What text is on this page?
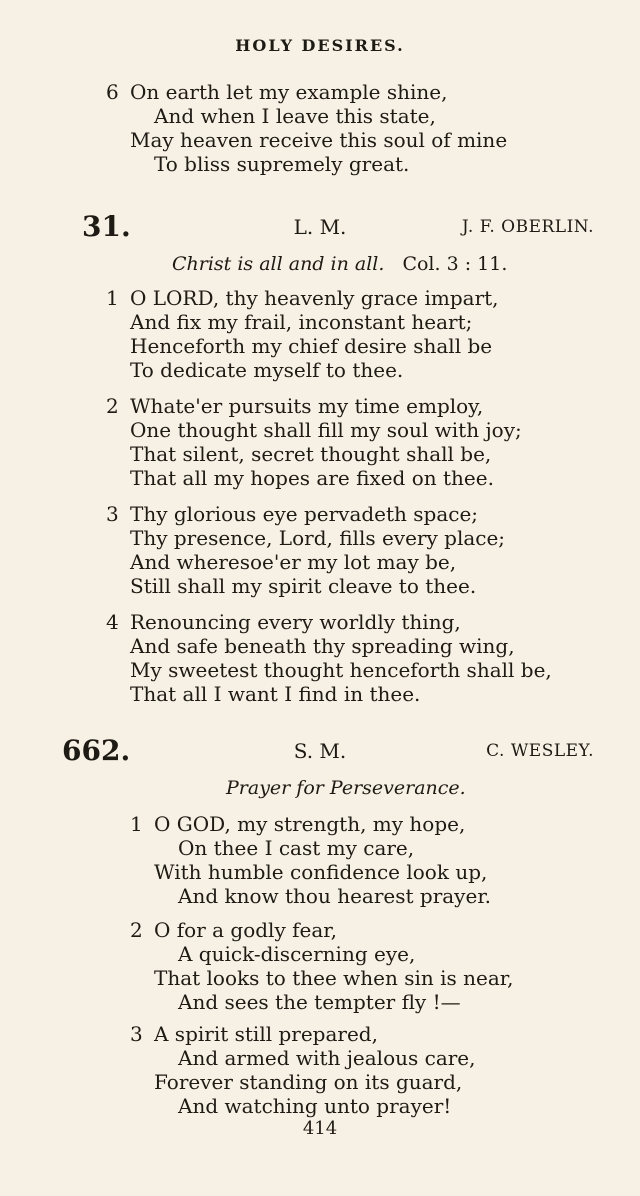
HOLY DESIRES.
6 On earth let my example shine,
And when I leave this state,
May heaven receive this soul of mine
To bliss supremely great.
31.	L. M.	J. F. OBERLIN.
Christ is all and in all. Col. 3 : 11.
1 O LORD, thy heavenly grace impart,
And fix my frail, inconstant heart;
Henceforth my chief desire shall be
To dedicate myself to thee.
2 Whate'er pursuits my time employ,
One thought shall fill my soul with joy;
That silent, secret thought shall be,
That all my hopes are fixed on thee.
3 Thy glorious eye pervadeth space;
Thy presence, Lord, fills every place;
And wheresoe'er my lot may be,
Still shall my spirit cleave to thee.
4 Renouncing every worldly thing,
And safe beneath thy spreading wing,
My sweetest thought henceforth shall be,
That all I want I find in thee.
662.	S. M.	C. WESLEY.
Prayer for Perseverance.
1 O GOD, my strength, my hope,
On thee I cast my care,
With humble confidence look up,
And know thou hearest prayer.
2 O for a godly fear,
A quick-discerning eye,
That looks to thee when sin is near,
And sees the tempter fly !—
3 A spirit still prepared,
And armed with jealous care,
Forever standing on its guard,
And watching unto prayer!
414
